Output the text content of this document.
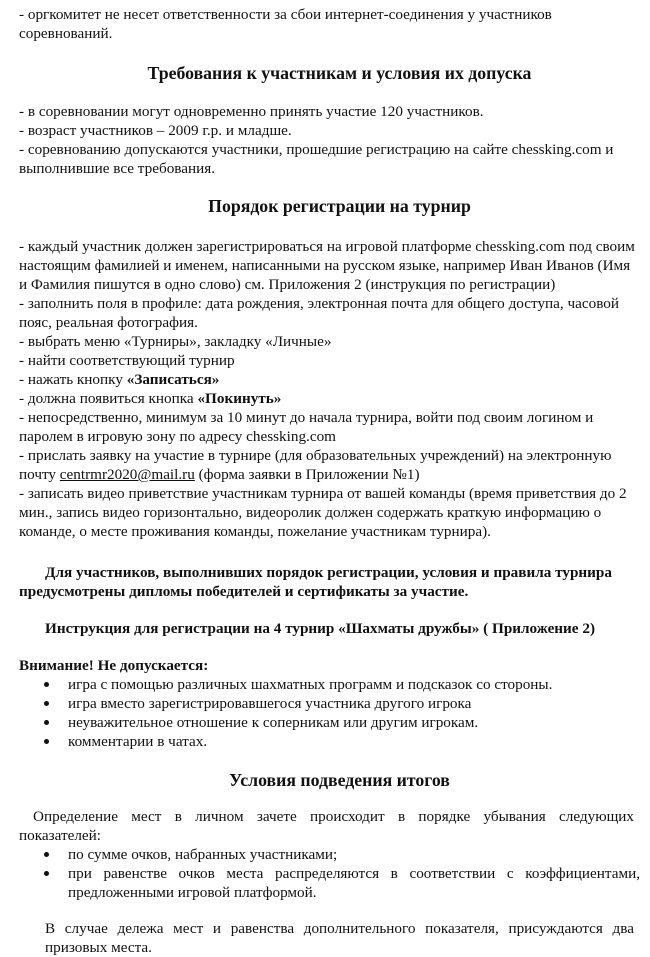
- оргкомитет не несет ответственности за сбои интернет-соединения у участников соревнований.

Требования к участникам и условия их допуска

- в соревновании могут одновременно принять участие 120 участников.

- возраст участников – 2009 г.р. и младше.

- соревнованию допускаются участники, прошедшие регистрацию на сайте chessking.com и выполнившие все требования.

Порядок регистрации на турнир

- каждый участник должен зарегистрироваться на игровой платформе chessking.com под своим настоящим фамилией и именем, написанными на русском языке, например Иван Иванов (Имя и Фамилия пишутся в одно слово) см. Приложения 2 (инструкция по регистрации)

- заполнить поля в профиле: дата рождения, электронная почта для общего доступа, часовой пояс, реальная фотография.

- выбрать меню «Турниры», закладку «Личные»

- найти соответствующий турнир

- нажать кнопку «Записаться»

- должна появиться кнопка «Покинуть»

- непосредственно, минимум за 10 минут до начала турнира, войти под своим логином и паролем в игровую зону по адресу chessking.com

- прислать заявку на участие в турнире (для образовательных учреждений) на электронную почту centrmr2020@mail.ru (форма заявки в Приложении №1)

- записать видео приветствие участникам турнира от вашей команды (время приветствия до 2 мин., запись видео горизонтально, видеоролик должен содержать краткую информацию о команде, о месте проживания команды, пожелание участникам турнира).

Для участников, выполнивших порядок регистрации, условия и правила турнира предусмотрены дипломы победителей и сертификаты за участие.

Инструкция для регистрации на 4 турнир «Шахматы дружбы» ( Приложение 2)

Внимание! Не допускается:

игра с помощью различных шахматных программ и подсказок со стороны.
игра вместо зарегистрировавшегося участника другого игрока
неуважительное отношение к соперникам или другим игрокам.
комментарии в чатах.
Условия подведения итогов

Определение мест в личном зачете происходит в порядке убывания следующих показателей:

по сумме очков, набранных участниками;
при равенстве очков места распределяются в соответствии с коэффициентами, предложенными игровой платформой.

В случае дележа мест и равенства дополнительного показателя, присуждаются два призовых места.
